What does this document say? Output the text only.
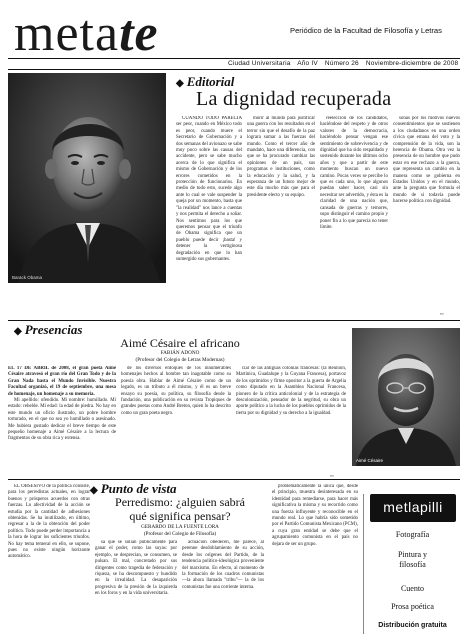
metate	Periódico de la Facultad de Filosofía y Letras
Ciudad Universitaria Año IV Número 26 Noviembre-diciembre de 2008
Barack Obama
◆ Editorial
La dignidad recuperada

CUANDO TODO PARECÍA ser peor, cuando en México todo es peor, cuando muere el Secretario de Gobernación y a dos semanas del avionazo se sabe muy poco sobre las causas del accidente, pero se sabe mucho acerca de lo que significa el mismo de Gobernación y de los errores cometidos en la protección de funcionarios. En medio de todo esto, sucede algo ante lo cual se vale suspender la queja por un momento, basta que "la realidad" nos lance a cuentas y nos permita el derecho a soñar. Nos sentimos para los que queremos pensar que el triunfo de Obama significa que un pueblo puede decir ¡basta! y detener la vertiginosa degradación en que lo han sumergido sus gobernantes.

morir al mundo para justificar una guerra con los resultados en el terror sin que el desafío de la paz lograra sumar a las fuerzas del mundo. Como el tercer año de mandato, hace una diferencia, con que se ha procurado cambiar las opiniones de un país, sus programas e instituciones, como la educación y la salud, y la esperanza de un futuro mejor de este día mucho más que para el presidente electo y su equipo.

reelección de los candidatos, haciéndose del respeto y de otros valores de la democracia, haciéndolo pensar vengan ese sentimiento de sobrevivencia y de dignidad que ha sido respaldado y sostenido durante los últimos ocho años y que a partir de este momento buscan un nuevo camino. Pocas veces se percibe lo que es cada uno, lo que algunos puedan saber hacer, casi sin necesitar ser advertido, y ésta es la claridad de una nación que, cansada de guerras y temores, supo distinguir el camino propio y poner fin a lo que parecía no tener límite.

sonas por los motivos nuevos consentimientos que se sostienen a los ciudadanos en una orden cívica que emana del voto y la comprensión de la vida, son la herencia de Obama. Otra vez la presencia de un hombre que pudo estar en ese rechazo a la guerra, que representa un cambio en la manera como se gobierna en Estados Unidos y en el mundo, ante la pregunta que formula el mundo de si todavía puede hacerse política con dignidad.

▪▪▪
◆ Presencias
Aimé Césaire el africano
FABIÁN ADONO
(Profesor del Colegio de Letras Modernas)

EL 17 DE ABRIL de 2008, el gran poeta Aimé Césaire atravesó el gran río del Gran Todo y de la Gran Nada hasta el Mundo Invisible. Nuestra Facultad organizó, el 19 de septiembre, una mesa de homenaje, un homenaje a su memoria.

Mi apellido: ofendido. Mi nombre: humillado. Mi estado: rebelde. Mi edad: la edad de piedra. No hay en este mundo un oficio ilustrado, un pobre hombre torturado, en el que no sea yo humillado o asesinado. Me hubiera gustado dedicar el breve tiempo de este pequeño homenaje a Aimé Césaire a la lectura de fragmentos de su obra rica y extensa.

de los diversos enfoques de los innumerables homenajes hechos al hombre tan inagotable como su poesía obra. Hablar de Aimé Césaire como de un legado, es un tributo a él mismo, y él es un breve ensayo su poesía, su política, su filosofía desde la fundación, una publicación en su revista Tropiques de grandes poetas como André Breton, quien lo ha descrito como un gran poeta negro.

ciar de las antiguas colonias francesas: (la Reunión, Martinica, Guadalupe y la Guyana Francesa), portavoz de los oprimidos y firme opositor a la guerra de Argelia como diputado en la Asamblea Nacional Francesa, pionero de la crítica anticolonial y de la estrategia de descolonización, pensador de la negritud, su obra un aporte político a la lucha de los pueblos oprimidos de la tierra por su dignidad y su derecho a la igualdad.

▪▪▪
Aimé Césaire
◆ Punto de vista
Perredismo: ¿alguien sabrá
qué significa pensar?
GERARDO DE LA FUENTE LORA
(Profesor del Colegio de Filosofía)

EL OBSESIVO de la política consiste, para los perredistas actuales, en lograr buenos y prósperos acuerdos con otras fuerzas. Lo afectividad de la acción se estudia por la cantidad de adhesiones obtenidas. Se ha inutilizado, en último, regresar a la de la obtención del poder político. Todo puede perder importancia a la hora de lograr los suficientes triunfos. No hay tema temeral en ello, se supone, pues no existe ningún horizonte automático.

sa que se solían públicamente para ganar el poder, como las suyas: por ejemplo, se desprecian, se consumen, se pulsan. El mal, concretado por sus dirigentes como tragedia de federación y riqueza, se ha descompuesto y hundido en la irrealidad. La desaparición progresiva de la presión de la izquierda en los foros y en la vida universitaria.

actuación obedecen, me parece, al perenne desdoblamiento de su acción, desde los orígenes del Partido, de la tendencia político-ideológica proveniente del marxismo. En efecto, al momento de la formación de los cuadros comunistas —la ahora llamada "tribu"— la de los comunistas fue una corriente interna.

problemáticamente la única que, desde el principio, muestra desinteresada en su identidad para remediarse, para hacer más significativa la misma y su recorrido como una fuerza influyente y reconocible en el mundo real. Lo que habría sido sometido por el Partido Comunista Mexicano (PCM), a cuya gran entidad se debe que el agrupamiento comunista en el país no dejara de ser un grupo.

metlapilli
Fotografía
Pintura y filosofía
Cuento
Prosa poética
Distribución gratuita
